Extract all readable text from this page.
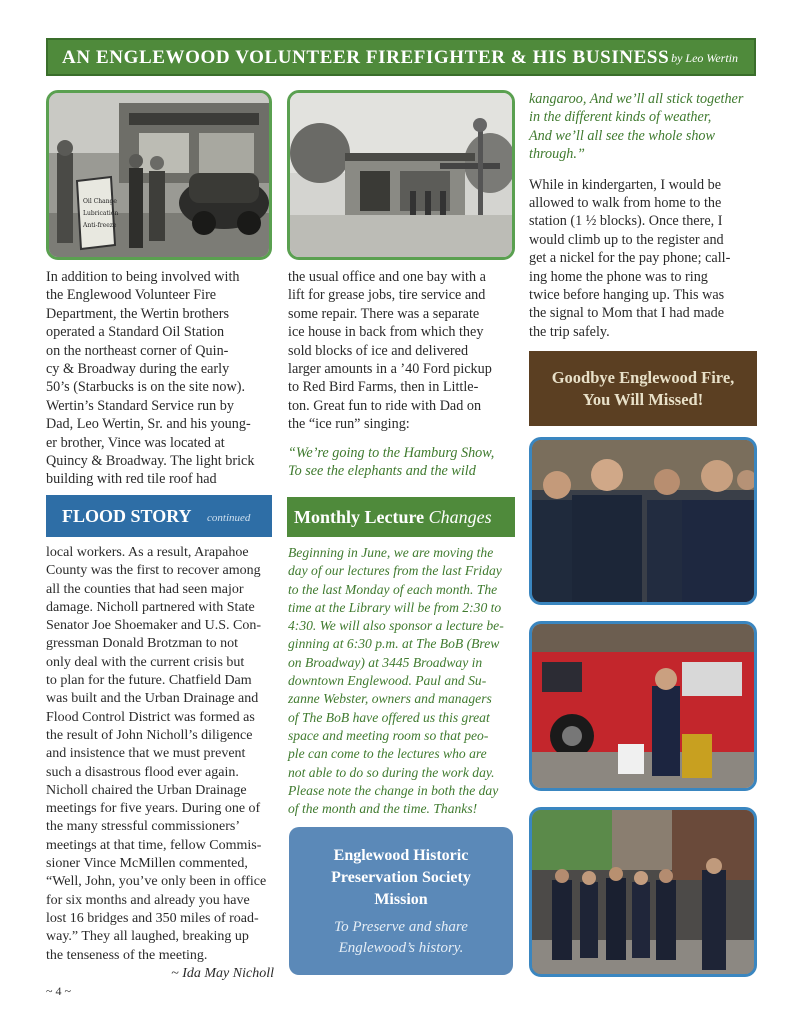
AN ENGLEWOOD VOLUNTEER FIREFIGHTER & HIS BUSINESS by Leo Wertin
Oil Change
Lubrication
Anti-freeze

In addition to being involved with

the Englewood Volunteer Fire

Department, the Wertin brothers

operated a Standard Oil Station

on the northeast corner of Quin-

cy & Broadway during the early

50’s (Starbucks is on the site now).

Wertin’s Standard Service run by

Dad, Leo Wertin, Sr. and his young-

er brother, Vince was located at

Quincy & Broadway. The light brick

building with red tile roof had

the usual office and one bay with a

lift for grease jobs, tire service and

some repair. There was a separate

ice house in back from which they

sold blocks of ice and delivered

larger amounts in a ’40 Ford pickup

to Red Bird Farms, then in Little-

ton. Great fun to ride with Dad on

the “ice run” singing:

“We’re going to the Hamburg Show,

To see the elephants and the wild

kangaroo, And we’ll all stick together

in the different kinds of weather,

And we’ll all see the whole show

through.”

While in kindergarten, I would be

allowed to walk from home to the

station (1 ½ blocks). Once there, I

would climb up to the register and

get a nickel for the pay phone; call-

ing home the phone was to ring

twice before hanging up. This was

the signal to Mom that I had made

the trip safely.

Goodbye Englewood Fire,
You Will Missed!
FLOOD STORY continued

local workers. As a result, Arapahoe

County was the first to recover among

all the counties that had seen major

damage. Nicholl partnered with State

Senator Joe Shoemaker and U.S. Con-

gressman Donald Brotzman to not

only deal with the current crisis but

to plan for the future. Chatfield Dam

was built and the Urban Drainage and

Flood Control District was formed as

the result of John Nicholl’s diligence

and insistence that we must prevent

such a disastrous flood ever again.

Nicholl chaired the Urban Drainage

meetings for five years. During one of

the many stressful commissioners’

meetings at that time, fellow Commis-

sioner Vince McMillen commented,

“Well, John, you’ve only been in office

for six months and already you have

lost 16 bridges and 350 miles of road-

way.” They all laughed, breaking up

the tenseness of the meeting.

~ Ida May Nicholl

Monthly Lecture Changes

Beginning in June, we are moving the

day of our lectures from the last Friday

to the last Monday of each month. The

time at the Library will be from 2:30 to

4:30. We will also sponsor a lecture be-

ginning at 6:30 p.m. at The BoB (Brew

on Broadway) at 3445 Broadway in

downtown Englewood. Paul and Su-

zanne Webster, owners and managers

of The BoB have offered us this great

space and meeting room so that peo-

ple can come to the lectures who are

not able to do so during the work day.

Please note the change in both the day

of the month and the time. Thanks!

Englewood Historic
Preservation Society
Mission
To Preserve and share
Englewood’s history.
~ 4 ~
